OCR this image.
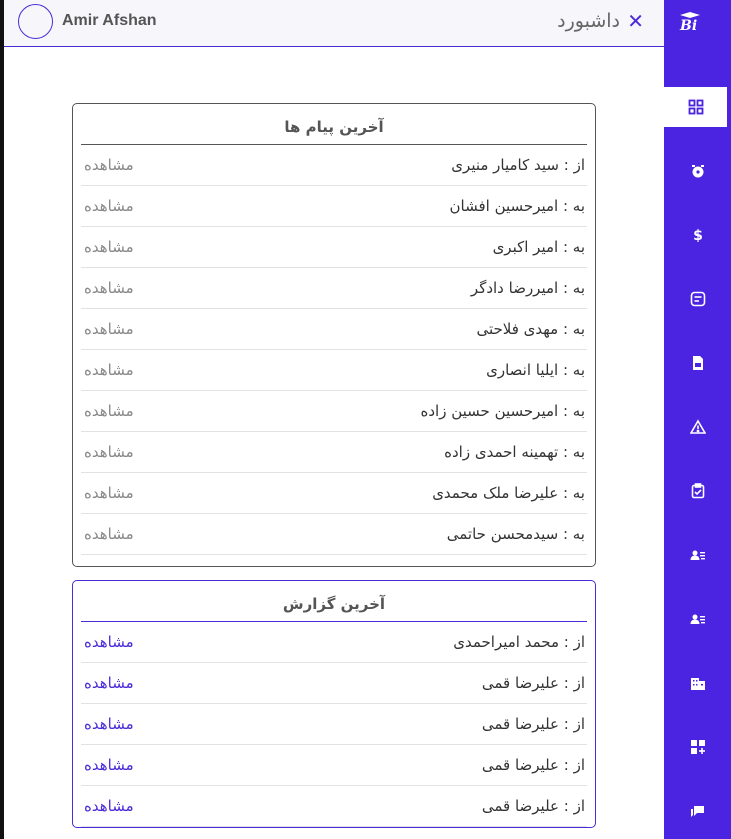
Amir Afshan	داشبورد ✕	Bi
$
آخرین پیام ها
از : سید کامیار منیری
مشاهده
به : امیرحسین افشان
مشاهده
به : امیر اکبری
مشاهده
به : امیررضا دادگر
مشاهده
به : مهدی فلاحتی
مشاهده
به : ایلیا انصاری
مشاهده
به : امیرحسین حسین زاده
مشاهده
به : تهمینه احمدی زاده
مشاهده
به : علیرضا ملک محمدی
مشاهده
به : سیدمحسن حاتمی
مشاهده
آخرین گزارش
از : محمد امیراحمدی
مشاهده
از : علیرضا قمی
مشاهده
از : علیرضا قمی
مشاهده
از : علیرضا قمی
مشاهده
از : علیرضا قمی
مشاهده
